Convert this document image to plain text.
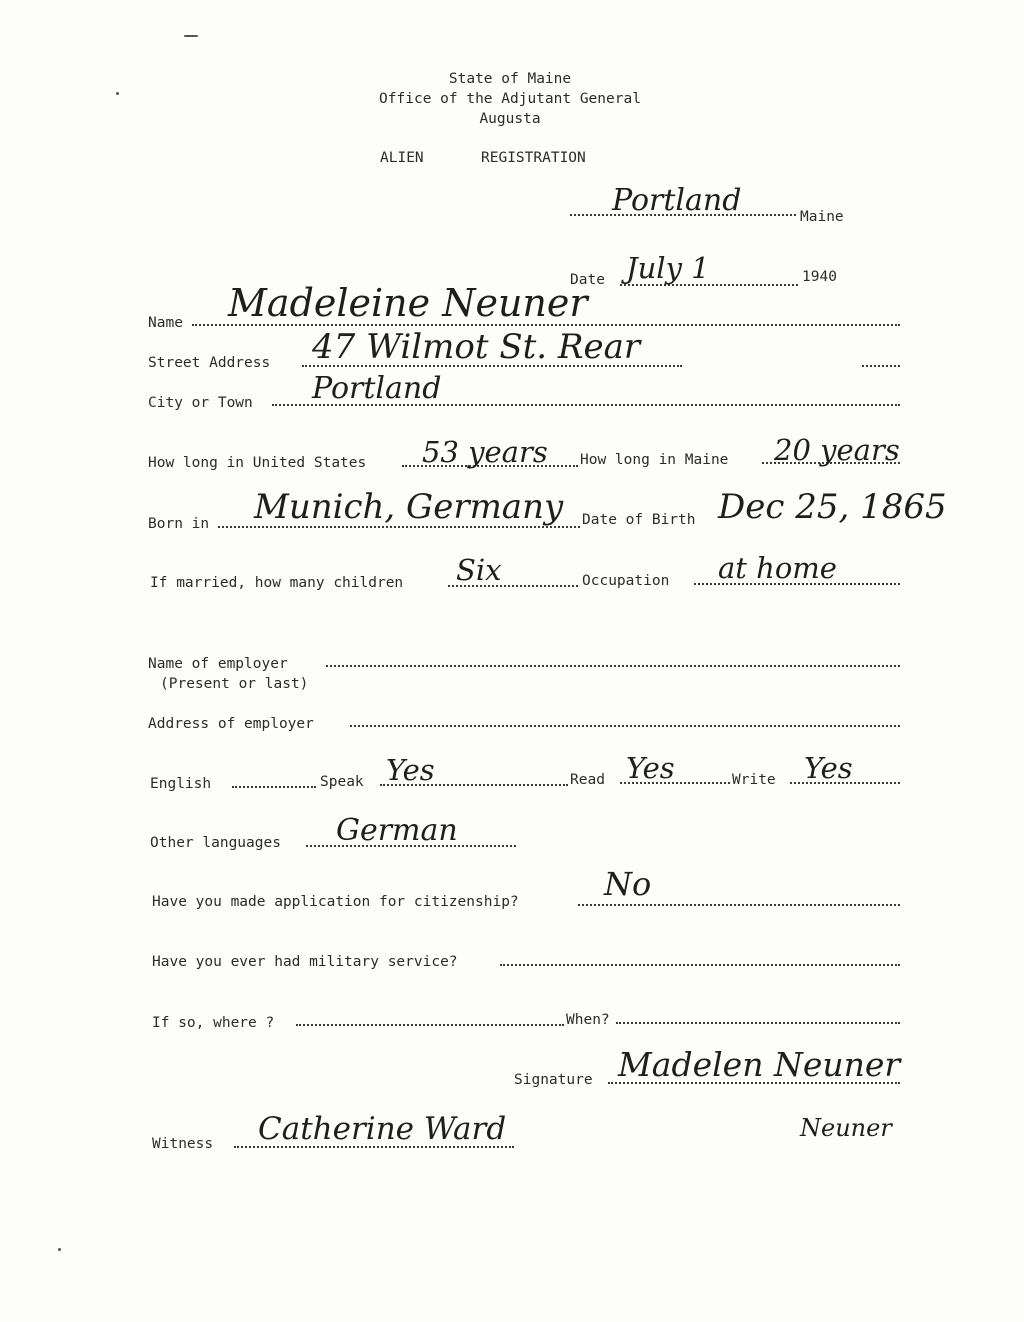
State of Maine
Office of the Adjutant General
Augusta
ALIEN	REGISTRATION
Portland	Maine
Date July 1	1940
Name Madeleine Neuner
Street Address 47 Wilmot St. Rear
City or Town Portland
How long in United States 53 years How long in Maine 20 years
Born in Munich, Germany Date of Birth Dec 25, 1865
If married, how many children Six	Occupation at home
Name of employer
(Present or last)
Address of employer
English	Speak Yes	Read Yes	Write Yes
Other languages German
Have you made application for citizenship?	No
Have you ever had military service?
If so, where ?	When?
Signature Madelen Neuner
Neuner
Witness Catherine Ward
